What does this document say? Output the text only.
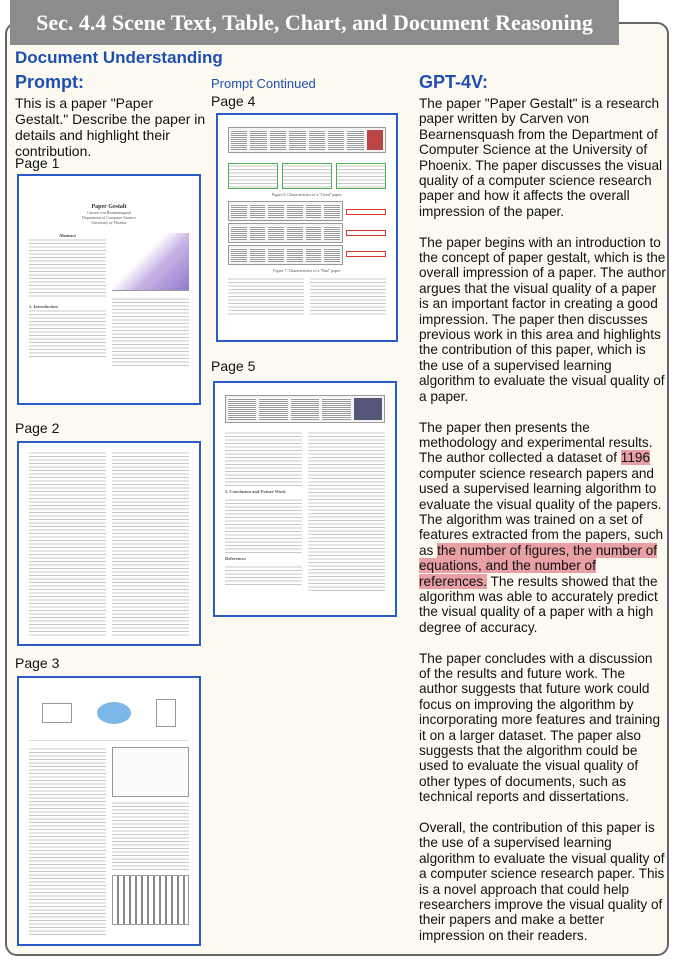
Sec. 4.4 Scene Text, Table, Chart, and Document Reasoning
Document Understanding
Prompt:
This is a paper "Paper Gestalt." Describe the paper in details and highlight their contribution.
Prompt Continued
Page 1
Paper Gestalt
Carven von Bearnensquash
Department of Computer Science
University of Phoenix
Abstract
1. Introduction
Page 2
Page 3
Page 4
Figure 6. Characteristics of a "Good" paper.
Figure 7. Characteristics of a "Bad" paper.
Page 5
5. Conclusion and Future Work
References
GPT-4V:

The paper "Paper Gestalt" is a research paper written by Carven von Bearnensquash from the Department of Computer Science at the University of Phoenix. The paper discusses the visual quality of a computer science research paper and how it affects the overall impression of the paper.

The paper begins with an introduction to the concept of paper gestalt, which is the overall impression of a paper. The author argues that the visual quality of a paper is an important factor in creating a good impression. The paper then discusses previous work in this area and highlights the contribution of this paper, which is the use of a supervised learning algorithm to evaluate the visual quality of a paper.

The paper then presents the methodology and experimental results. The author collected a dataset of 1196 computer science research papers and used a supervised learning algorithm to evaluate the visual quality of the papers. The algorithm was trained on a set of features extracted from the papers, such as the number of figures, the number of equations, and the number of references. The results showed that the algorithm was able to accurately predict the visual quality of a paper with a high degree of accuracy.

The paper concludes with a discussion of the results and future work. The author suggests that future work could focus on improving the algorithm by incorporating more features and training it on a larger dataset. The paper also suggests that the algorithm could be used to evaluate the visual quality of other types of documents, such as technical reports and dissertations.

Overall, the contribution of this paper is the use of a supervised learning algorithm to evaluate the visual quality of a computer science research paper. This is a novel approach that could help researchers improve the visual quality of their papers and make a better impression on their readers.
